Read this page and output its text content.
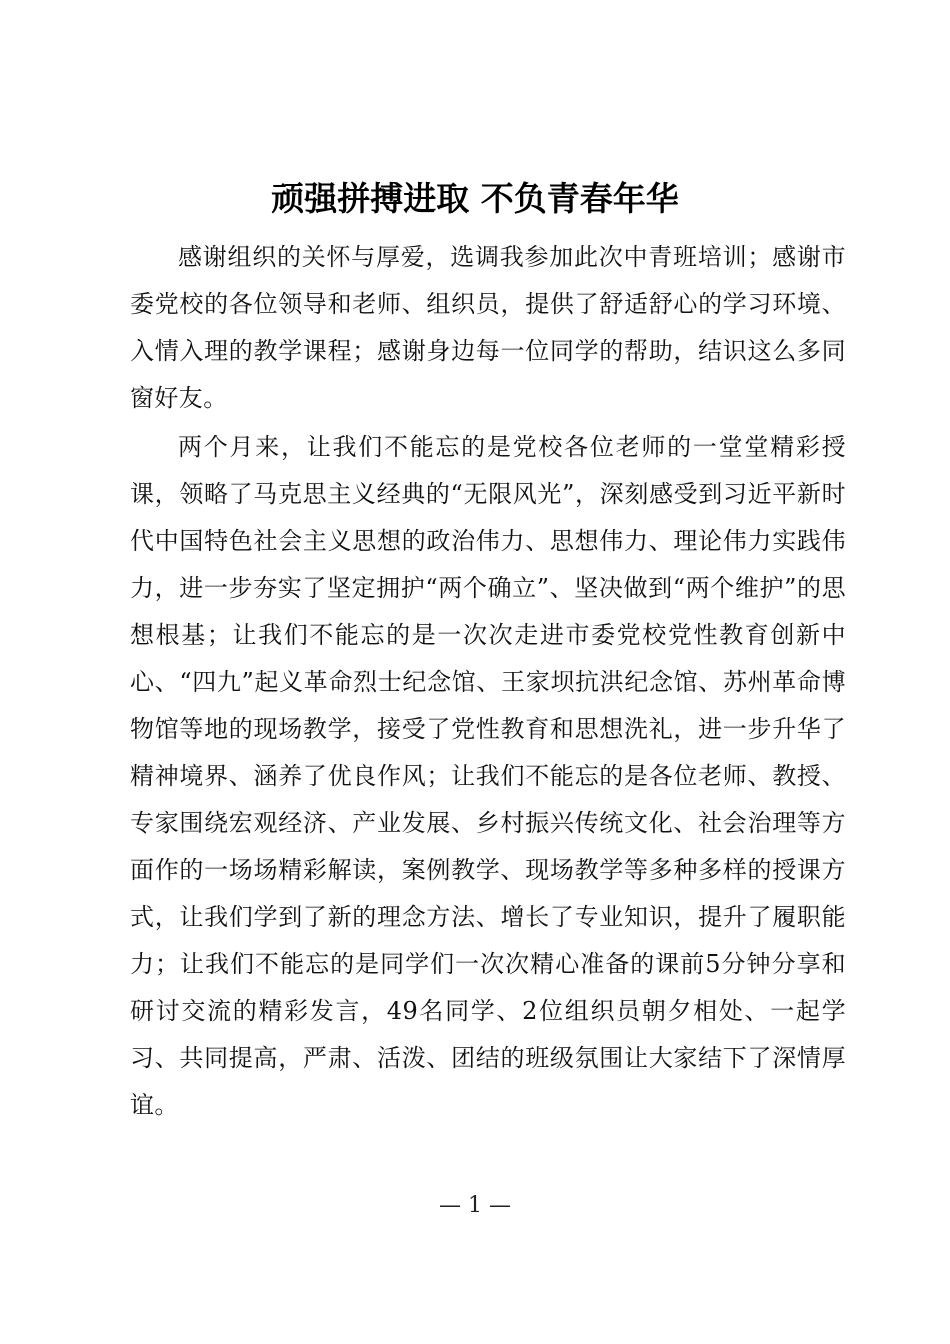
顽强拼搏进取 不负青春年华

感谢组织的关怀与厚爱，选调我参加此次中青班培训；感谢市委党校的各位领导和老师、组织员，提供了舒适舒心的学习环境、入情入理的教学课程；感谢身边每一位同学的帮助，结识这么多同窗好友。

两个月来，让我们不能忘的是党校各位老师的一堂堂精彩授课，领略了马克思主义经典的“无限风光”，深刻感受到习近平新时代中国特色社会主义思想的政治伟力、思想伟力、理论伟力实践伟力，进一步夯实了坚定拥护“两个确立”、坚决做到“两个维护”的思想根基；让我们不能忘的是一次次走进市委党校党性教育创新中心、“四九”起义革命烈士纪念馆、王家坝抗洪纪念馆、苏州革命博物馆等地的现场教学，接受了党性教育和思想洗礼，进一步升华了精神境界、涵养了优良作风；让我们不能忘的是各位老师、教授、专家围绕宏观经济、产业发展、乡村振兴传统文化、社会治理等方面作的一场场精彩解读，案例教学、现场教学等多种多样的授课方式，让我们学到了新的理念方法、增长了专业知识，提升了履职能力；让我们不能忘的是同学们一次次精心准备的课前5分钟分享和研讨交流的精彩发言，49名同学、2位组织员朝夕相处、一起学习、共同提高，严肃、活泼、团结的班级氛围让大家结下了深情厚谊。

— 1 —
